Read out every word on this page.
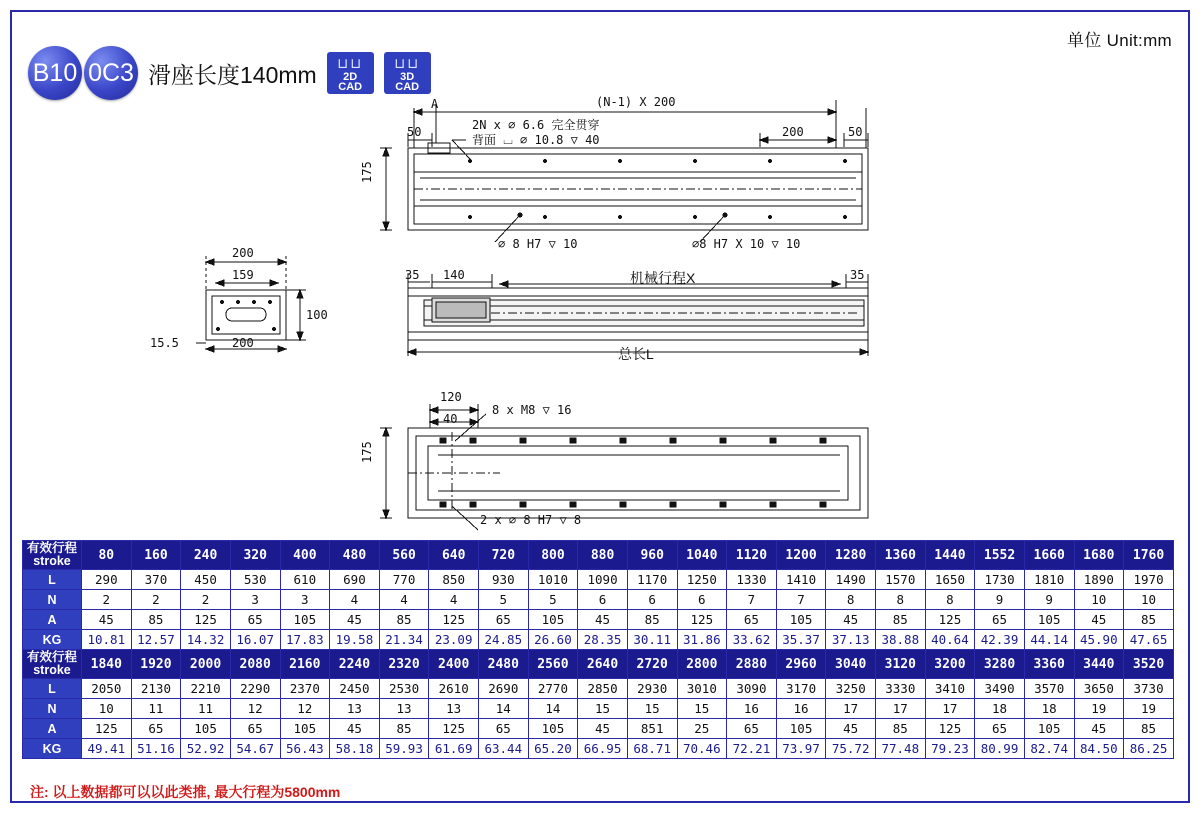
单位 Unit:mm
B10 0C3 滑座长度140mm	⊔⊔
2D
CAD
⊔⊔
3D
CAD
A	(N-1) X 200
50	200	50
175
2N x ∅ 6.6 完全贯穿
背面 ⌴ ∅ 10.8 ▽ 40
∅ 8 H7 ▽ 10	∅8 H7 X 10 ▽ 10
200
159
100
15.5	200
35 140	机械行程X	35
总长L
120
40
8 x M8 ▽ 16
175
2 x ∅ 8 H7 ▽ 8
有效行程
stroke	80	160	240	320	400	480	560	640	720	800	880	960	1040	1120	1200	1280	1360	1440	1552	1660	1680	1760
L	290	370	450	530	610	690	770	850	930	1010	1090	1170	1250	1330	1410	1490	1570	1650	1730	1810	1890	1970
N	2	2	2	3	3	4	4	4	5	5	6	6	6	7	7	8	8	8	9	9	10	10
A	45	85	125	65	105	45	85	125	65	105	45	85	125	65	105	45	85	125	65	105	45	85
KG	10.81	12.57	14.32	16.07	17.83	19.58	21.34	23.09	24.85	26.60	28.35	30.11	31.86	33.62	35.37	37.13	38.88	40.64	42.39	44.14	45.90	47.65
有效行程
stroke	1840	1920	2000	2080	2160	2240	2320	2400	2480	2560	2640	2720	2800	2880	2960	3040	3120	3200	3280	3360	3440	3520
L	2050	2130	2210	2290	2370	2450	2530	2610	2690	2770	2850	2930	3010	3090	3170	3250	3330	3410	3490	3570	3650	3730
N	10	11	11	12	12	13	13	13	14	14	15	15	15	16	16	17	17	17	18	18	19	19
A	125	65	105	65	105	45	85	125	65	105	45	851	25	65	105	45	85	125	65	105	45	85
KG	49.41	51.16	52.92	54.67	56.43	58.18	59.93	61.69	63.44	65.20	66.95	68.71	70.46	72.21	73.97	75.72	77.48	79.23	80.99	82.74	84.50	86.25
注: 以上数据都可以以此类推, 最大行程为5800mm
